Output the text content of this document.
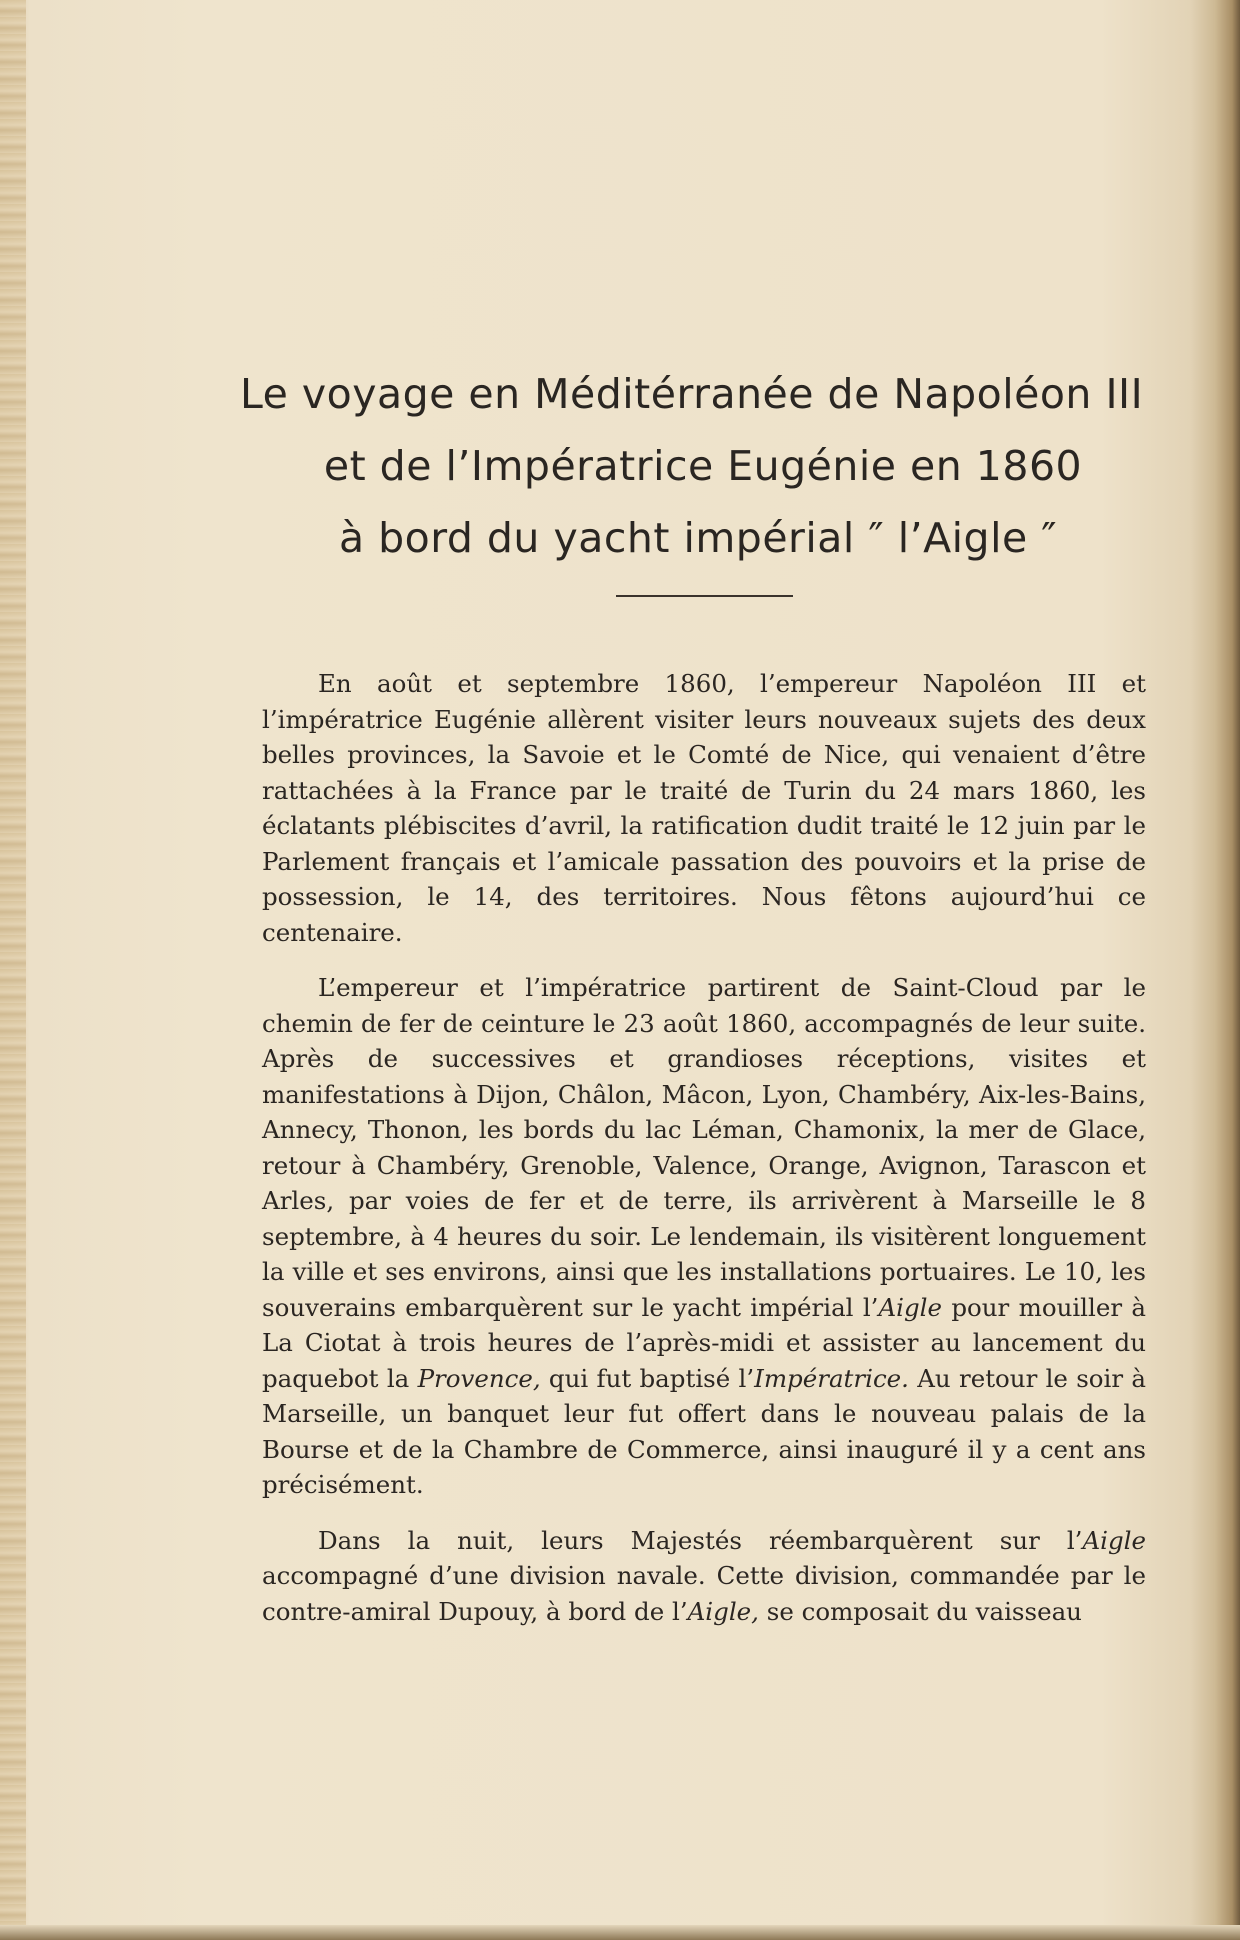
Le voyage en Méditérranée de Napoléon III
et de l’Impératrice Eugénie en 1860
à bord du yacht impérial ″ l’Aigle ″

En août et septembre 1860, l’empereur Napoléon III et l’impératrice Eugénie allèrent visiter leurs nouveaux sujets des deux belles provinces, la Savoie et le Comté de Nice, qui venaient d’être rattachées à la France par le traité de Turin du 24 mars 1860, les éclatants plébiscites d’avril, la ratification dudit traité le 12 juin par le Parlement français et l’amicale passation des pouvoirs et la prise de possession, le 14, des territoires. Nous fêtons aujourd’hui ce centenaire.

L’empereur et l’impératrice partirent de Saint-Cloud par le chemin de fer de ceinture le 23 août 1860, accompagnés de leur suite. Après de successives et grandioses réceptions, visites et manifestations à Dijon, Châlon, Mâcon, Lyon, Chambéry, Aix-les-Bains, Annecy, Thonon, les bords du lac Léman, Chamonix, la mer de Glace, retour à Chambéry, Grenoble, Valence, Orange, Avignon, Tarascon et Arles, par voies de fer et de terre, ils arrivèrent à Marseille le 8 septembre, à 4 heures du soir. Le lendemain, ils visitèrent longuement la ville et ses environs, ainsi que les installations portuaires. Le 10, les souverains embarquèrent sur le yacht impérial l’Aigle pour mouiller à La Ciotat à trois heures de l’après-midi et assister au lancement du paquebot la Provence, qui fut baptisé l’Impératrice. Au retour le soir à Marseille, un banquet leur fut offert dans le nouveau palais de la Bourse et de la Chambre de Commerce, ainsi inauguré il y a cent ans précisément.

Dans la nuit, leurs Majestés réembarquèrent sur l’Aigle accompagné d’une division navale. Cette division, commandée par le contre-amiral Dupouy, à bord de l’Aigle, se composait du vaisseau
